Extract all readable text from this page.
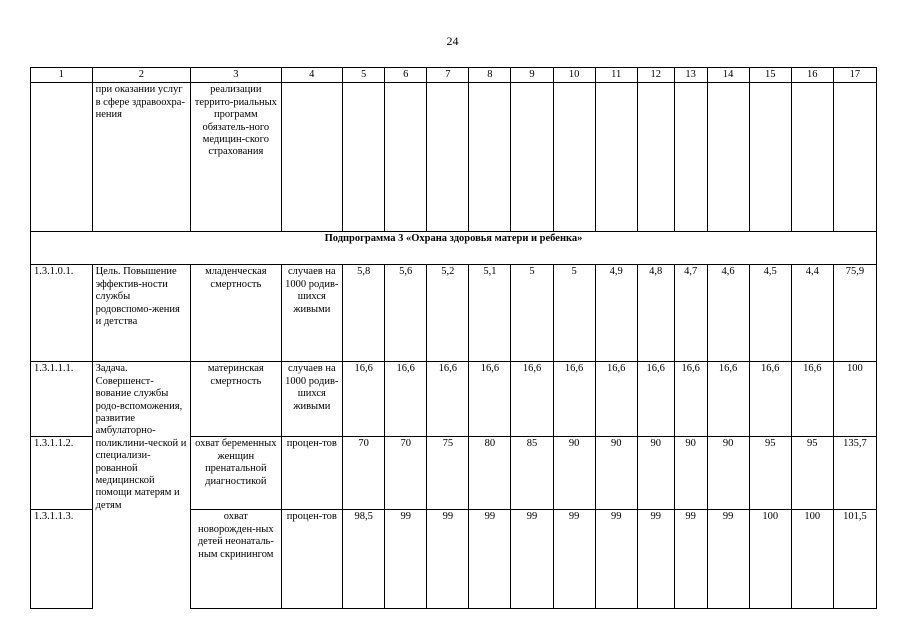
24
1	2	3	4	5	6	7	8	9	10	11	12	13	14	15	16	17
	при оказании услуг в сфере здравоохра-нения	реализации террито-риальных программ обязатель-ного медицин-ского страхования														
Подпрограмма 3 «Охрана здоровья матери и ребенка»																
1.3.1.0.1.	Цель. Повышение эффектив-ности службы родовспомо-жения и детства	младенческая смертность	случаев на 1000 родив-шихся живыми	5,8	5,6	5,2	5,1	5	5	4,9	4,8	4,7	4,6	4,5	4,4	75,9
1.3.1.1.1.	Задача. Совершенст-вование службы родо-вспоможения, развитие амбулаторно-поликлини-ческой и специализи-рованной медицинской помощи матерям и детям	материнская смертность	случаев на 1000 родив-шихся живыми	16,6	16,6	16,6	16,6	16,6	16,6	16,6	16,6	16,6	16,6	16,6	16,6	100
1.3.1.1.2.		охват беременных женщин пренатальной диагностикой	процен-тов	70	70	75	80	85	90	90	90	90	90	95	95	135,7
1.3.1.1.3.		охват новорожден-ных детей неонаталь-ным скринингом	процен-тов	98,5	99	99	99	99	99	99	99	99	99	100	100	101,5
